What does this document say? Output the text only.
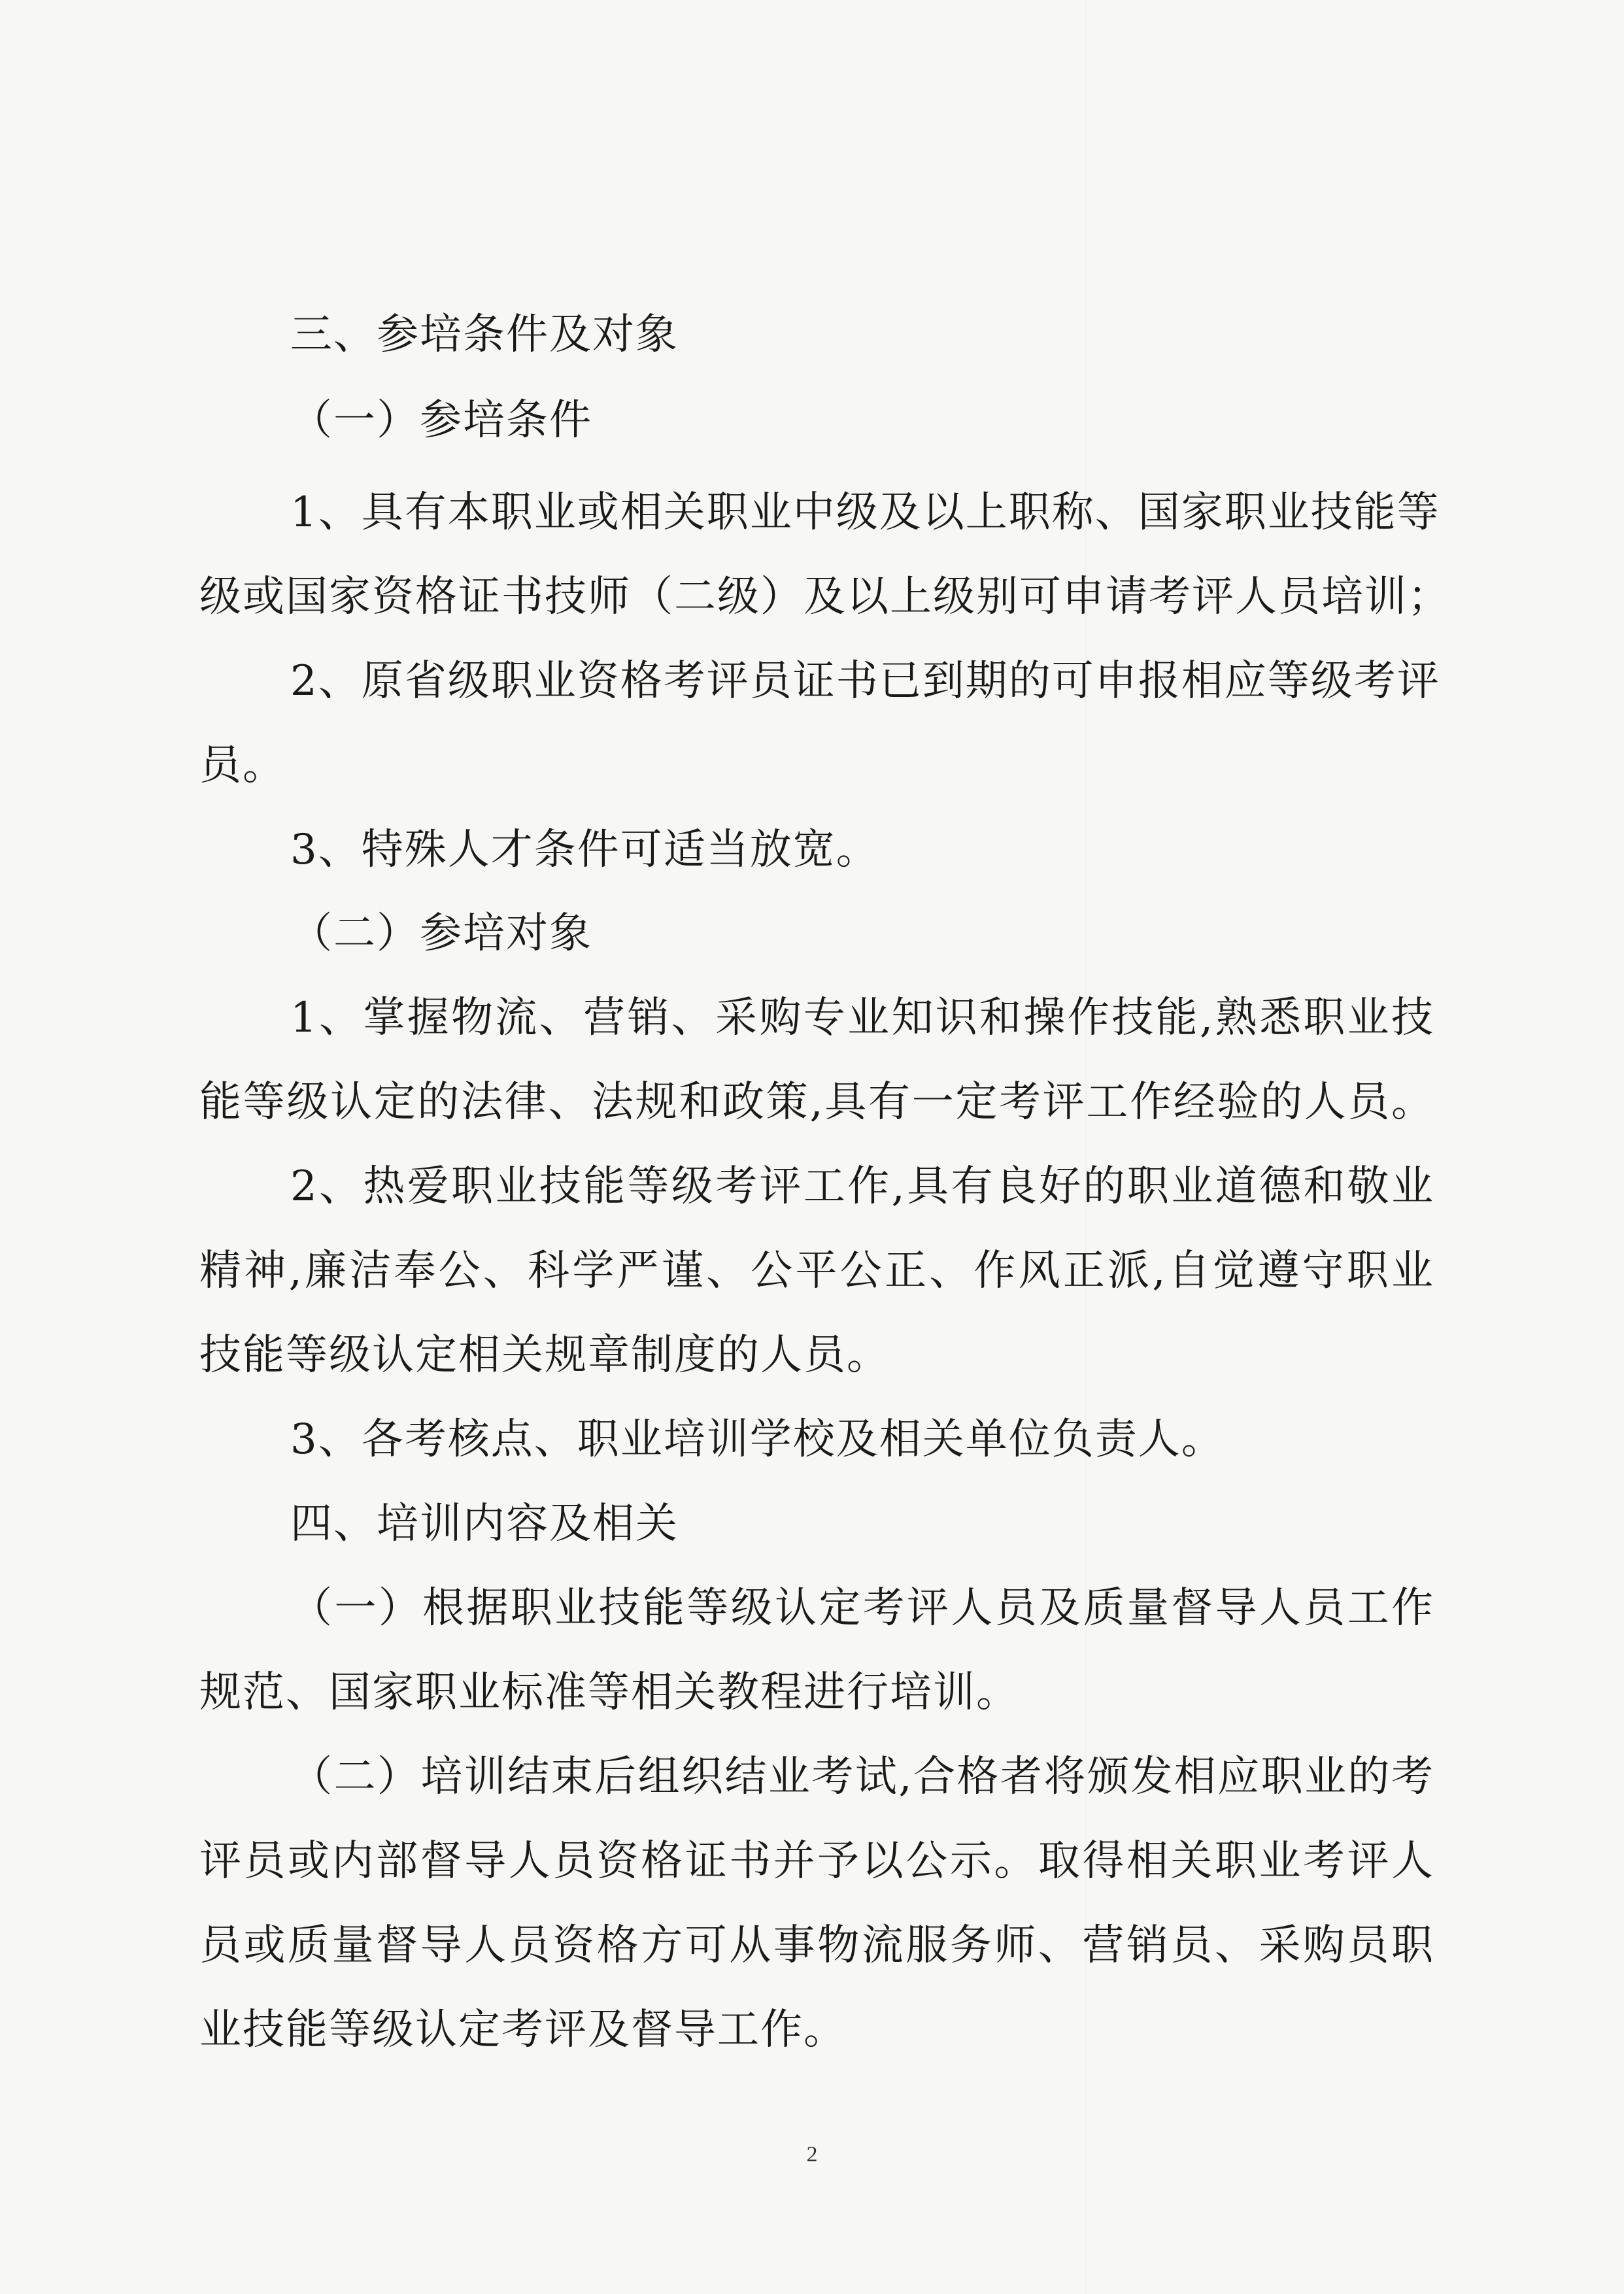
三、参培条件及对象
（一）参培条件
1、具有本职业或相关职业中级及以上职称、国家职业技能等
级或国家资格证书技师（二级）及以上级别可申请考评人员培训；
2、原省级职业资格考评员证书已到期的可申报相应等级考评
员。
3、特殊人才条件可适当放宽。
（二）参培对象
1、掌握物流、营销、采购专业知识和操作技能,熟悉职业技
能等级认定的法律、法规和政策,具有一定考评工作经验的人员。
2、热爱职业技能等级考评工作,具有良好的职业道德和敬业
精神,廉洁奉公、科学严谨、公平公正、作风正派,自觉遵守职业
技能等级认定相关规章制度的人员。
3、各考核点、职业培训学校及相关单位负责人。
四、培训内容及相关
（一）根据职业技能等级认定考评人员及质量督导人员工作
规范、国家职业标准等相关教程进行培训。
（二）培训结束后组织结业考试,合格者将颁发相应职业的考
评员或内部督导人员资格证书并予以公示。取得相关职业考评人
员或质量督导人员资格方可从事物流服务师、营销员、采购员职
业技能等级认定考评及督导工作。
2
